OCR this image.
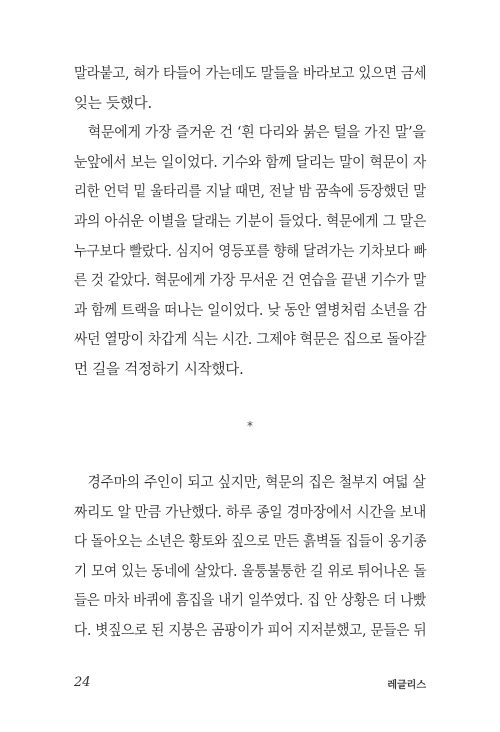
말라붙고, 혀가 타들어 가는데도 말들을 바라보고 있으면 금세
잊는 듯했다.
　혁문에게 가장 즐거운 건 ‘흰 다리와 붉은 털을 가진 말’을
눈앞에서 보는 일이었다. 기수와 함께 달리는 말이 혁문이 자
리한 언덕 밑 울타리를 지날 때면, 전날 밤 꿈속에 등장했던 말
과의 아쉬운 이별을 달래는 기분이 들었다. 혁문에게 그 말은
누구보다 빨랐다. 심지어 영등포를 향해 달려가는 기차보다 빠
른 것 같았다. 혁문에게 가장 무서운 건 연습을 끝낸 기수가 말
과 함께 트랙을 떠나는 일이었다. 낮 동안 열병처럼 소년을 감
싸던 열망이 차갑게 식는 시간. 그제야 혁문은 집으로 돌아갈
먼 길을 걱정하기 시작했다.
*
　경주마의 주인이 되고 싶지만, 혁문의 집은 철부지 여덟 살
짜리도 알 만큼 가난했다. 하루 종일 경마장에서 시간을 보내
다 돌아오는 소년은 황토와 짚으로 만든 흙벽돌 집들이 옹기종
기 모여 있는 동네에 살았다. 울퉁불퉁한 길 위로 튀어나온 돌
들은 마차 바퀴에 흠집을 내기 일쑤였다. 집 안 상황은 더 나빴
다. 볏짚으로 된 지붕은 곰팡이가 피어 지저분했고, 문들은 뒤
24	레글리스
